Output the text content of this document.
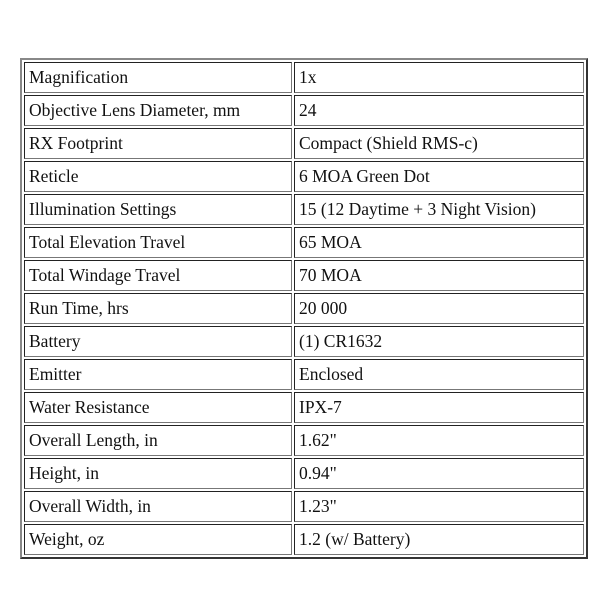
Magnification	1x
Objective Lens Diameter, mm	24
RX Footprint	Compact (Shield RMS-c)
Reticle	6 MOA Green Dot
Illumination Settings	15 (12 Daytime + 3 Night Vision)
Total Elevation Travel	65 MOA
Total Windage Travel	70 MOA
Run Time, hrs	20 000
Battery	(1) CR1632
Emitter	Enclosed
Water Resistance	IPX-7
Overall Length, in	1.62"
Height, in	0.94"
Overall Width, in	1.23"
Weight, oz	1.2 (w/ Battery)
